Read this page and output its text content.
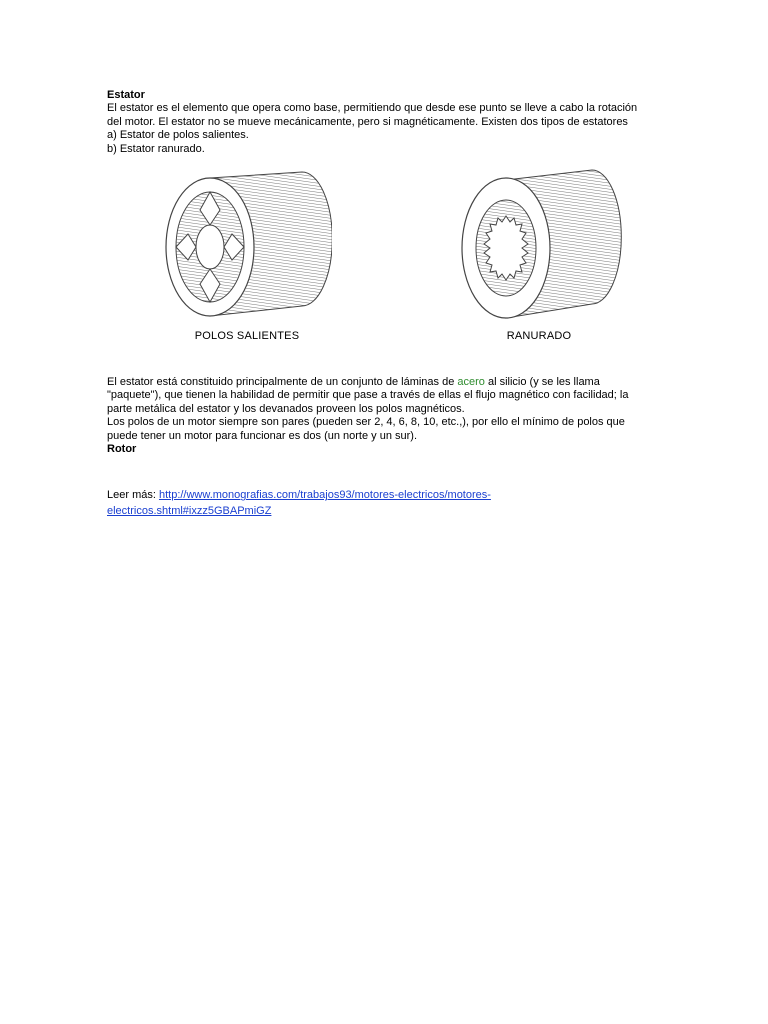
Estator
El estator es el elemento que opera como base, permitiendo que desde ese punto se lleve a cabo la rotación
del motor. El estator no se mueve mecánicamente, pero si magnéticamente. Existen dos tipos de estatores
a) Estator de polos salientes.
b) Estator ranurado.
POLOS SALIENTES	RANURADO
El estator está constituido principalmente de un conjunto de láminas de acero al silicio (y se les llama
"paquete"), que tienen la habilidad de permitir que pase a través de ellas el flujo magnético con facilidad; la
parte metálica del estator y los devanados proveen los polos magnéticos.
Los polos de un motor siempre son pares (pueden ser 2, 4, 6, 8, 10, etc.,), por ello el mínimo de polos que
puede tener un motor para funcionar es dos (un norte y un sur).
Rotor
Leer más: http://www.monografias.com/trabajos93/motores-electricos/motores-
electricos.shtml#ixzz5GBAPmiGZ
